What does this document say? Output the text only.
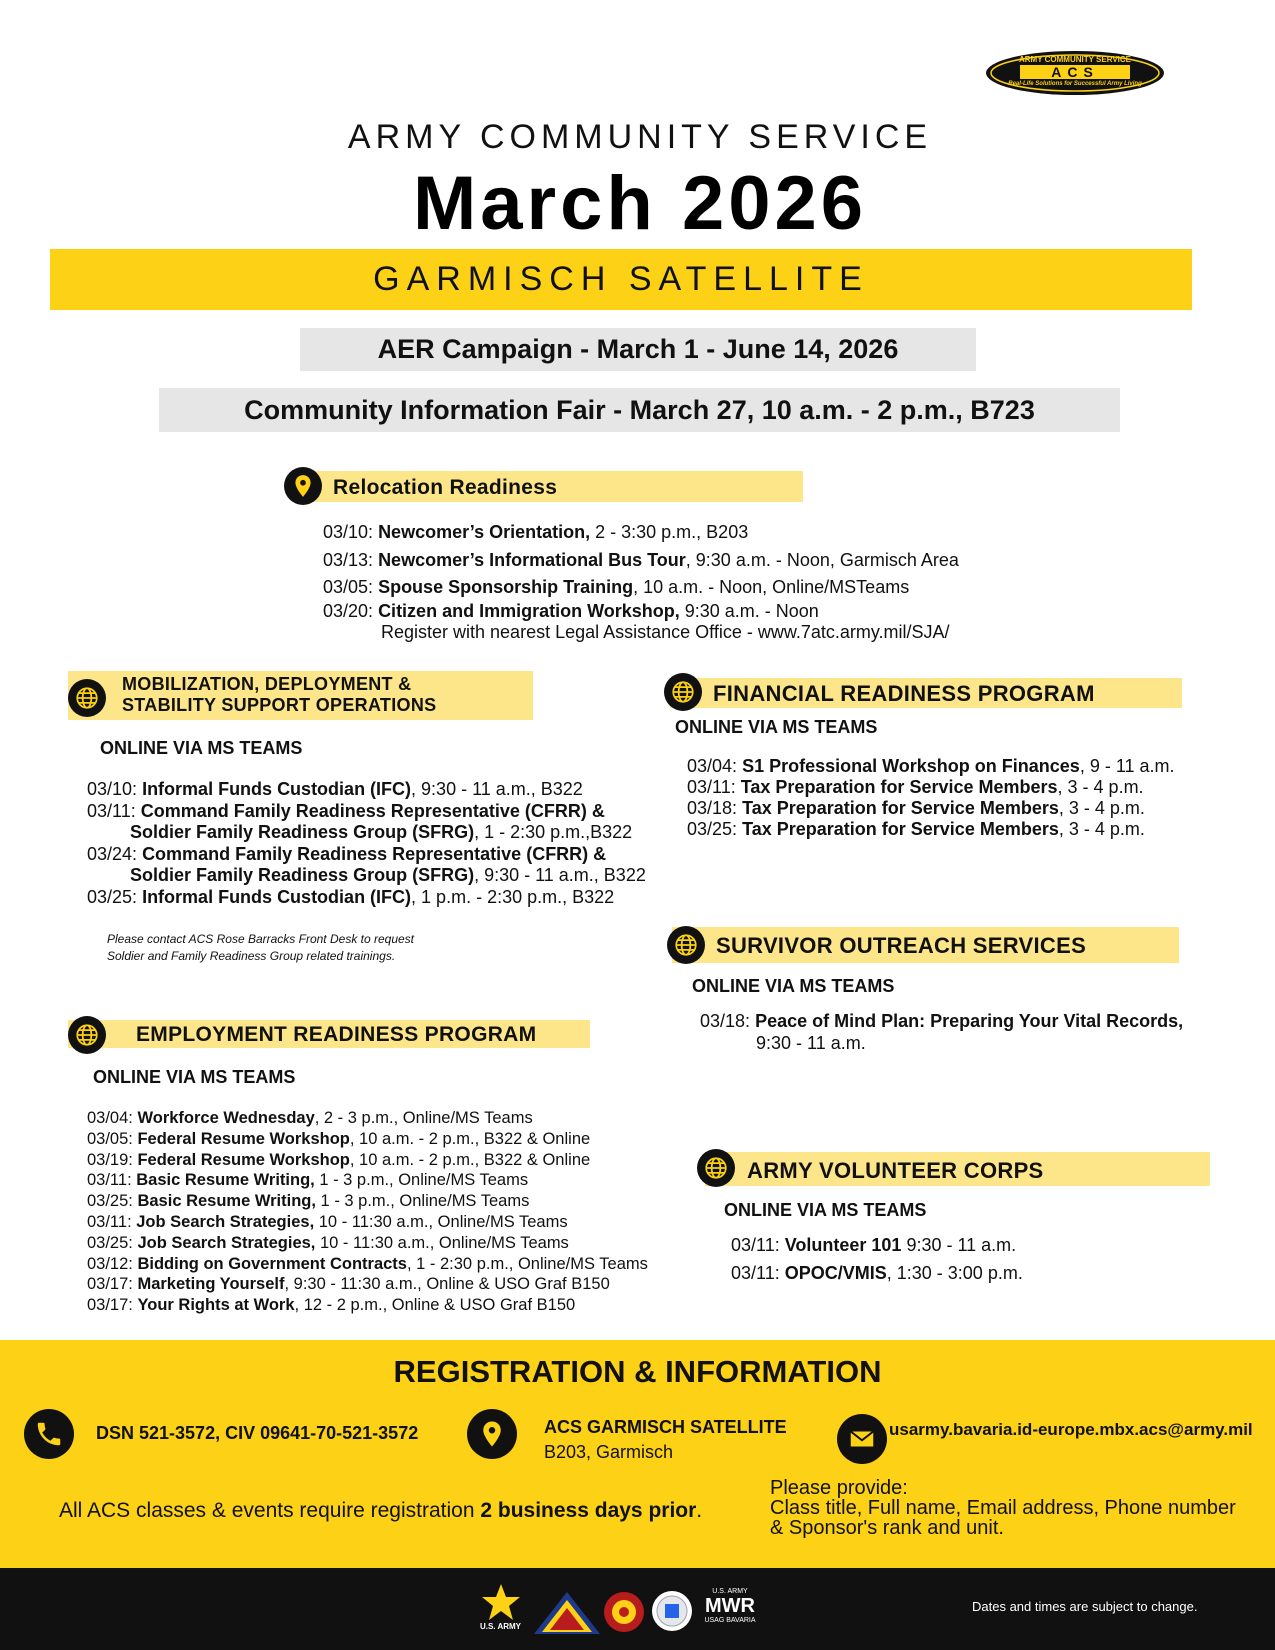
ARMY COMMUNITY SERVICE
ACS
Real-Life Solutions for Successful Army Living
ARMY COMMUNITY SERVICE
March 2026
GARMISCH SATELLITE
AER Campaign - March 1 - June 14, 2026
Community Information Fair - March 27, 10 a.m. - 2 p.m., B723
Relocation Readiness
03/10: Newcomer’s Orientation, 2 - 3:30 p.m., B203
03/13: Newcomer’s Informational Bus Tour, 9:30 a.m. - Noon, Garmisch Area
03/05: Spouse Sponsorship Training, 10 a.m. - Noon, Online/MSTeams
03/20: Citizen and Immigration Workshop, 9:30 a.m. - Noon
Register with nearest Legal Assistance Office - www.7atc.army.mil/SJA/
MOBILIZATION, DEPLOYMENT &
STABILITY SUPPORT OPERATIONS
ONLINE VIA MS TEAMS
03/10: Informal Funds Custodian (IFC), 9:30 - 11 a.m., B322
03/11: Command Family Readiness Representative (CFRR) &
Soldier Family Readiness Group (SFRG), 1 - 2:30 p.m.,B322
03/24: Command Family Readiness Representative (CFRR) &
Soldier Family Readiness Group (SFRG), 9:30 - 11 a.m., B322
03/25: Informal Funds Custodian (IFC), 1 p.m. - 2:30 p.m., B322
Please contact ACS Rose Barracks Front Desk to request
Soldier and Family Readiness Group related trainings.
EMPLOYMENT READINESS PROGRAM
ONLINE VIA MS TEAMS
03/04: Workforce Wednesday, 2 - 3 p.m., Online/MS Teams
03/05: Federal Resume Workshop, 10 a.m. - 2 p.m., B322 & Online
03/19: Federal Resume Workshop, 10 a.m. - 2 p.m., B322 & Online
03/11: Basic Resume Writing, 1 - 3 p.m., Online/MS Teams
03/25: Basic Resume Writing, 1 - 3 p.m., Online/MS Teams
03/11: Job Search Strategies, 10 - 11:30 a.m., Online/MS Teams
03/25: Job Search Strategies, 10 - 11:30 a.m., Online/MS Teams
03/12: Bidding on Government Contracts, 1 - 2:30 p.m., Online/MS Teams
03/17: Marketing Yourself, 9:30 - 11:30 a.m., Online & USO Graf B150
03/17: Your Rights at Work, 12 - 2 p.m., Online & USO Graf B150
FINANCIAL READINESS PROGRAM
ONLINE VIA MS TEAMS
03/04: S1 Professional Workshop on Finances, 9 - 11 a.m.
03/11: Tax Preparation for Service Members, 3 - 4 p.m.
03/18: Tax Preparation for Service Members, 3 - 4 p.m.
03/25: Tax Preparation for Service Members, 3 - 4 p.m.
SURVIVOR OUTREACH SERVICES
ONLINE VIA MS TEAMS
03/18: Peace of Mind Plan: Preparing Your Vital Records,
9:30 - 11 a.m.
ARMY VOLUNTEER CORPS
ONLINE VIA MS TEAMS
03/11: Volunteer 101 9:30 - 11 a.m.
03/11: OPOC/VMIS, 1:30 - 3:00 p.m.
REGISTRATION & INFORMATION
DSN 521-3572, CIV 09641-70-521-3572	ACS GARMISCH SATELLITE
B203, Garmisch
usarmy.bavaria.id-europe.mbx.acs@army.mil
All ACS classes & events require registration 2 business days prior.
Please provide:
Class title, Full name, Email address, Phone number
& Sponsor's rank and unit.
U.S. ARMY
U.S. ARMY
MWR
USAG BAVARIA
Dates and times are subject to change.
